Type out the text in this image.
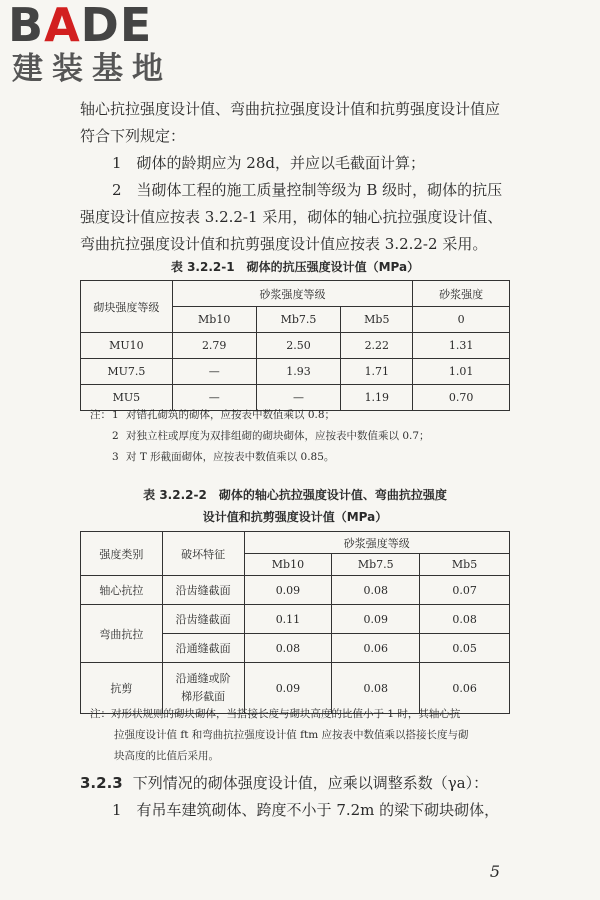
BADE
建装基地

轴心抗拉强度设计值、弯曲抗拉强度设计值和抗剪强度设计值应

符合下列规定：

1　砌体的龄期应为 28d，并应以毛截面计算；

2　当砌体工程的施工质量控制等级为 B 级时，砌体的抗压

强度设计值应按表 3.2.2-1 采用，砌体的轴心抗拉强度设计值、

弯曲抗拉强度设计值和抗剪强度设计值应按表 3.2.2-2 采用。

表 3.2.2-1　砌体的抗压强度设计值（MPa）
砌块强度等级	砂浆强度等级			砂浆强度
	Mb10	Mb7.5	Mb5	0
MU10	2.79	2.50	2.22	1.31
MU7.5	—	1.93	1.71	1.01
MU5	—	—	1.19	0.70
注： 1 对错孔砌筑的砌体，应按表中数值乘以 0.8；
2 对独立柱或厚度为双排组砌的砌块砌体，应按表中数值乘以 0.7；
3 对 T 形截面砌体，应按表中数值乘以 0.85。
表 3.2.2-2　砌体的轴心抗拉强度设计值、弯曲抗拉强度
设计值和抗剪强度设计值（MPa）
强度类别	破坏特征	砂浆强度等级		
		Mb10	Mb7.5	Mb5
轴心抗拉	沿齿缝截面	0.09	0.08	0.07
弯曲抗拉	沿齿缝截面	0.11	0.09	0.08
	沿通缝截面	0.08	0.06	0.05
抗剪	沿通缝或阶
梯形截面	0.09	0.08	0.06
注：对形状规则的砌块砌体，当搭接长度与砌块高度的比值小于 1 时，其轴心抗
拉强度设计值 ft 和弯曲抗拉强度设计值 ftm 应按表中数值乘以搭接长度与砌
块高度的比值后采用。

3.2.3 下列情况的砌体强度设计值，应乘以调整系数（γa）：

1　有吊车建筑砌体、跨度不小于 7.2m 的梁下砌块砌体，

5
